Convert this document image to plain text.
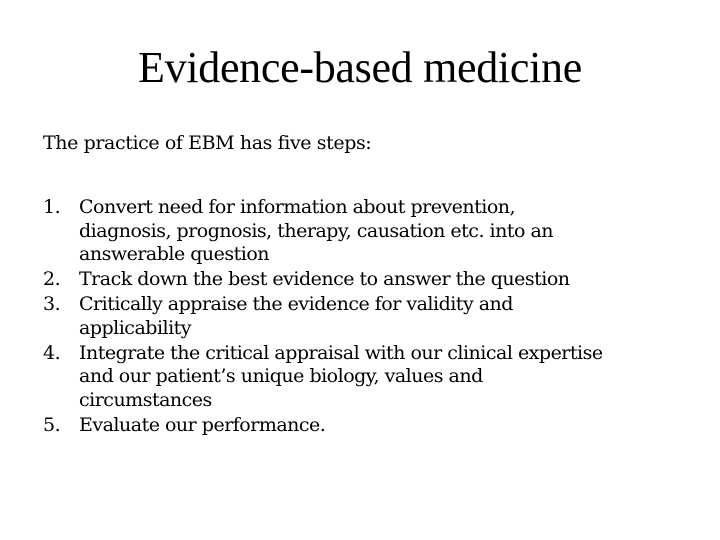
Evidence-based medicine
The practice of EBM has five steps:
1. Convert need for information about prevention,
diagnosis, prognosis, therapy, causation etc. into an
answerable question
2. Track down the best evidence to answer the question
3. Critically appraise the evidence for validity and
applicability
4. Integrate the critical appraisal with our clinical expertise
and our patient’s unique biology, values and
circumstances
5. Evaluate our performance.
